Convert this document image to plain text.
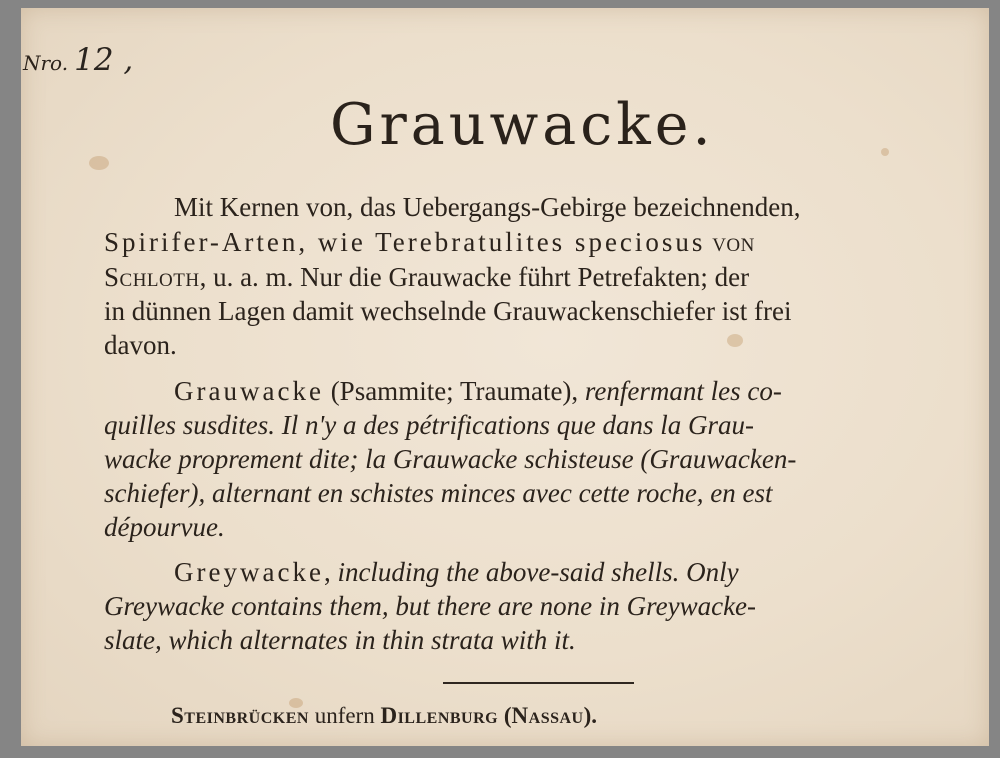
Nro. 12 ,
Grauwacke.
Mit Kernen von, das Uebergangs-Gebirge bezeichnenden,
Spirifer-Arten, wie Terebratulites speciosus von
Schloth, u. a. m. Nur die Grauwacke führt Petrefakten; der
in dünnen Lagen damit wechselnde Grauwackenschiefer ist frei
davon.
Grauwacke (Psammite; Traumate), renfermant les co-
quilles susdites. Il n'y a des pétrifications que dans la Grau-
wacke proprement dite; la Grauwacke schisteuse (Grauwacken-
schiefer), alternant en schistes minces avec cette roche, en est
dépourvue.
Greywacke, including the above-said shells. Only
Greywacke contains them, but there are none in Greywacke-
slate, which alternates in thin strata with it.
Steinbrücken unfern Dillenburg (Nassau).
